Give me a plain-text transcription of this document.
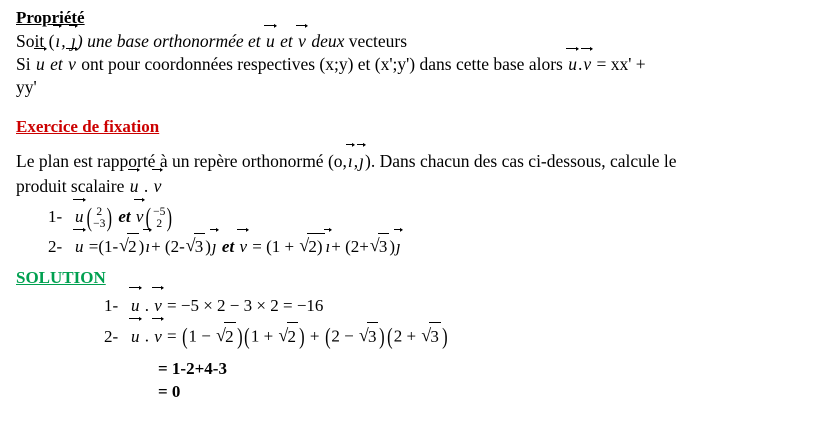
Propriété
Soit (ı, ȷ) une base orthonormée et u et v deux vecteurs
Si u et v ont pour coordonnées respectives (x;y) et (x';y') dans cette base alors u.v = xx' +
yy'
Exercice de fixation
Le plan est rapporté à un repère orthonormé (o,ı,ȷ). Dans chacun des cas ci-dessous, calcule le
produit scalaire u . v
1- u ( 2
−3 ) et v ( −5
2 )
2- u =(1- √ 2 )ı+ (2- √ 3 )ȷ et v = (1 + √ 2) ı+ (2+ √ 3 )ȷ
SOLUTION
1- u . v = −5 × 2 − 3 × 2 = −16
2- u . v = (1 − √ 2 )(1 + √ 2 ) + (2 − √ 3 )(2 + √ 3 )
= 1-2+4-3
= 0
